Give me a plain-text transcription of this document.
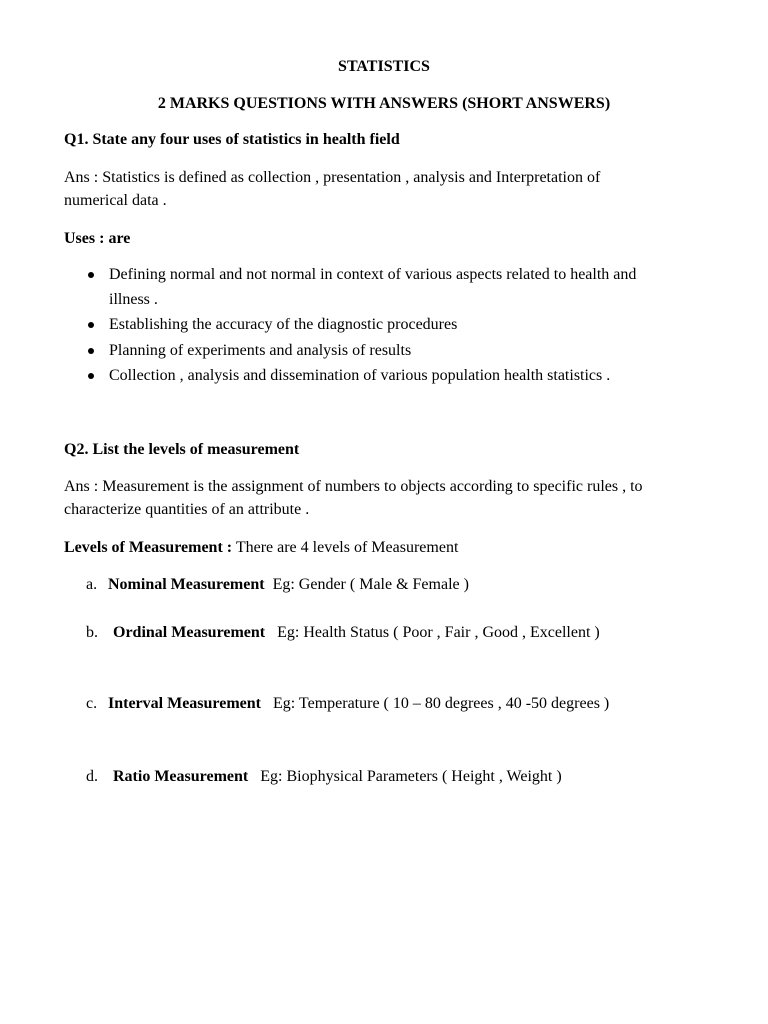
STATISTICS
2 MARKS QUESTIONS WITH ANSWERS (SHORT ANSWERS)
Q1. State any four uses of statistics in health field
Ans : Statistics is defined as collection , presentation , analysis and Interpretation of
numerical data .
Uses : are
Defining normal and not normal in context of various aspects related to health and
illness .
Establishing the accuracy of the diagnostic procedures
Planning of experiments and analysis of results
Collection , analysis and dissemination of various population health statistics .
Q2. List the levels of measurement
Ans : Measurement is the assignment of numbers to objects according to specific rules , to
characterize quantities of an attribute .
Levels of Measurement : There are 4 levels of Measurement
a. Nominal Measurement Eg: Gender ( Male & Female )
b. Ordinal Measurement Eg: Health Status ( Poor , Fair , Good , Excellent )
c. Interval Measurement Eg: Temperature ( 10 – 80 degrees , 40 -50 degrees )
d. Ratio Measurement Eg: Biophysical Parameters ( Height , Weight )
